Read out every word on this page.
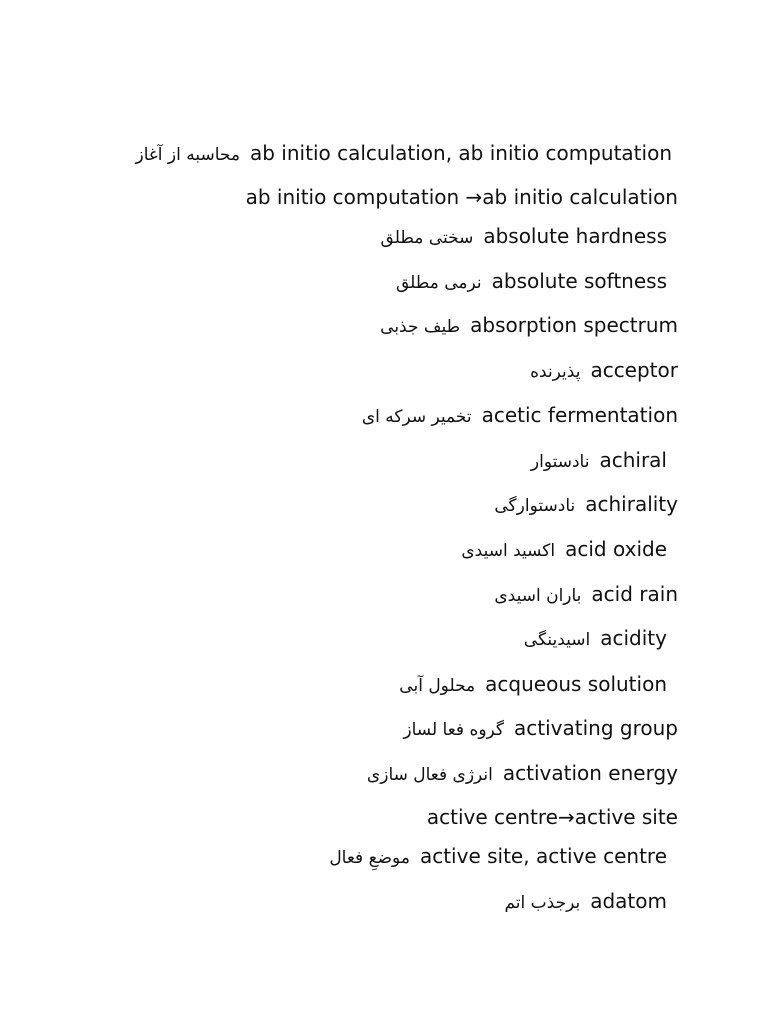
محاسبه از آغاز ab initio calculation, ab initio computation
ab initio computation →ab initio calculation
سختی مطلق absolute hardness
نرمی مطلق absolute softness
طیف جذبی absorption spectrum
پذیرنده acceptor
تخمیر سرکه ای acetic fermentation
نادستوار achiral
نادستوارگی achirality
اکسید اسیدی acid oxide
باران اسیدی acid rain
اسیدینگی acidity
محلول آبی acqueous solution
گروه فعا لساز activating group
انرژی فعال سازی activation energy
active centre→active site
موضعِ فعال active site, active centre
برجذب اتم adatom
